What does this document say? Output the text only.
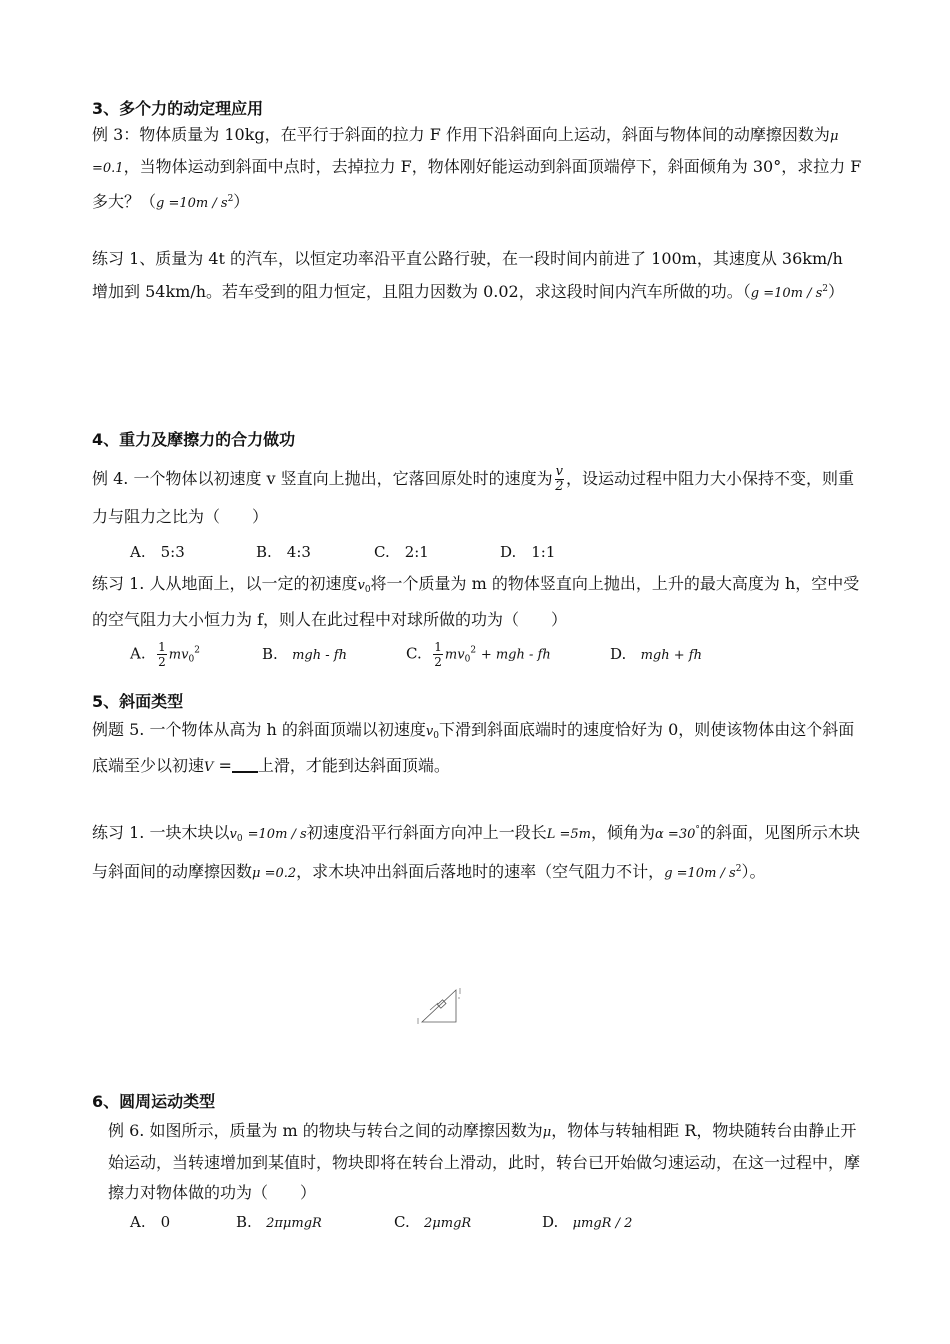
3、多个力的动定理应用
例 3：物体质量为 10kg，在平行于斜面的拉力 F 作用下沿斜面向上运动，斜面与物体间的动摩擦因数为μ =0.1，当物体运动到斜面中点时，去掉拉力 F，物体刚好能运动到斜面顶端停下，斜面倾角为 30°，求拉力 F 多大？$(g =10m / s^2)$
练习 1、质量为 4t 的汽车，以恒定功率沿平直公路行驶，在一段时间内前进了 100m，其速度从 36km/h 增加到 54km/h。若车受到的阻力恒定，且阻力因数为 0.02，求这段时间内汽车所做的功。$(g =10m / s^2)$
4、重力及摩擦力的合力做功
例 4. 一个物体以初速度 v 竖直向上抛出，它落回原处时的速度为 $\frac{v}{2}$ ，设运动过程中阻力大小保持不变，则重力与阻力之比为（　　）
A.　5:3	B.　4:3	C.　2:1	D.　1:1
练习 1. 人从地面上，以一定的初速度$v_0$将一个质量为 m 的物体竖直向上抛出，上升的最大高度为 h，空中受的空气阻力大小恒力为 f，则人在此过程中对球所做的功为（　　）
A. $\frac{1}{2} mv_0^2$	B. mgh - fh	C. $\frac{1}{2} mv_0^2$ + mgh - fh	D. mgh + fh
5、斜面类型
例题 5. 一个物体从高为 h 的斜面顶端以初速度$v_0$下滑到斜面底端时的速度恰好为 0，则使该物体由这个斜面底端至少以初速V = 上滑，才能到达斜面顶端。
练习 1. 一块木块以$v_0 =10m / s$初速度沿平行斜面方向冲上一段长L =5m，倾角为α =30°的斜面，见图所示木块与斜面间的动摩擦因数μ =0.2，求木块冲出斜面后落地时的速率（空气阻力不计，$g =10m / s^2$）。
6、圆周运动类型
例 6. 如图所示，质量为 m 的物块与转台之间的动摩擦因数为μ，物体与转轴相距 R，物块随转台由静止开始运动，当转速增加到某值时，物块即将在转台上滑动，此时，转台已开始做匀速运动，在这一过程中，摩擦力对物体做的功为（　　）
A.　0	B. 2πμmgR	C. 2μmgR	D. μmgR / 2
